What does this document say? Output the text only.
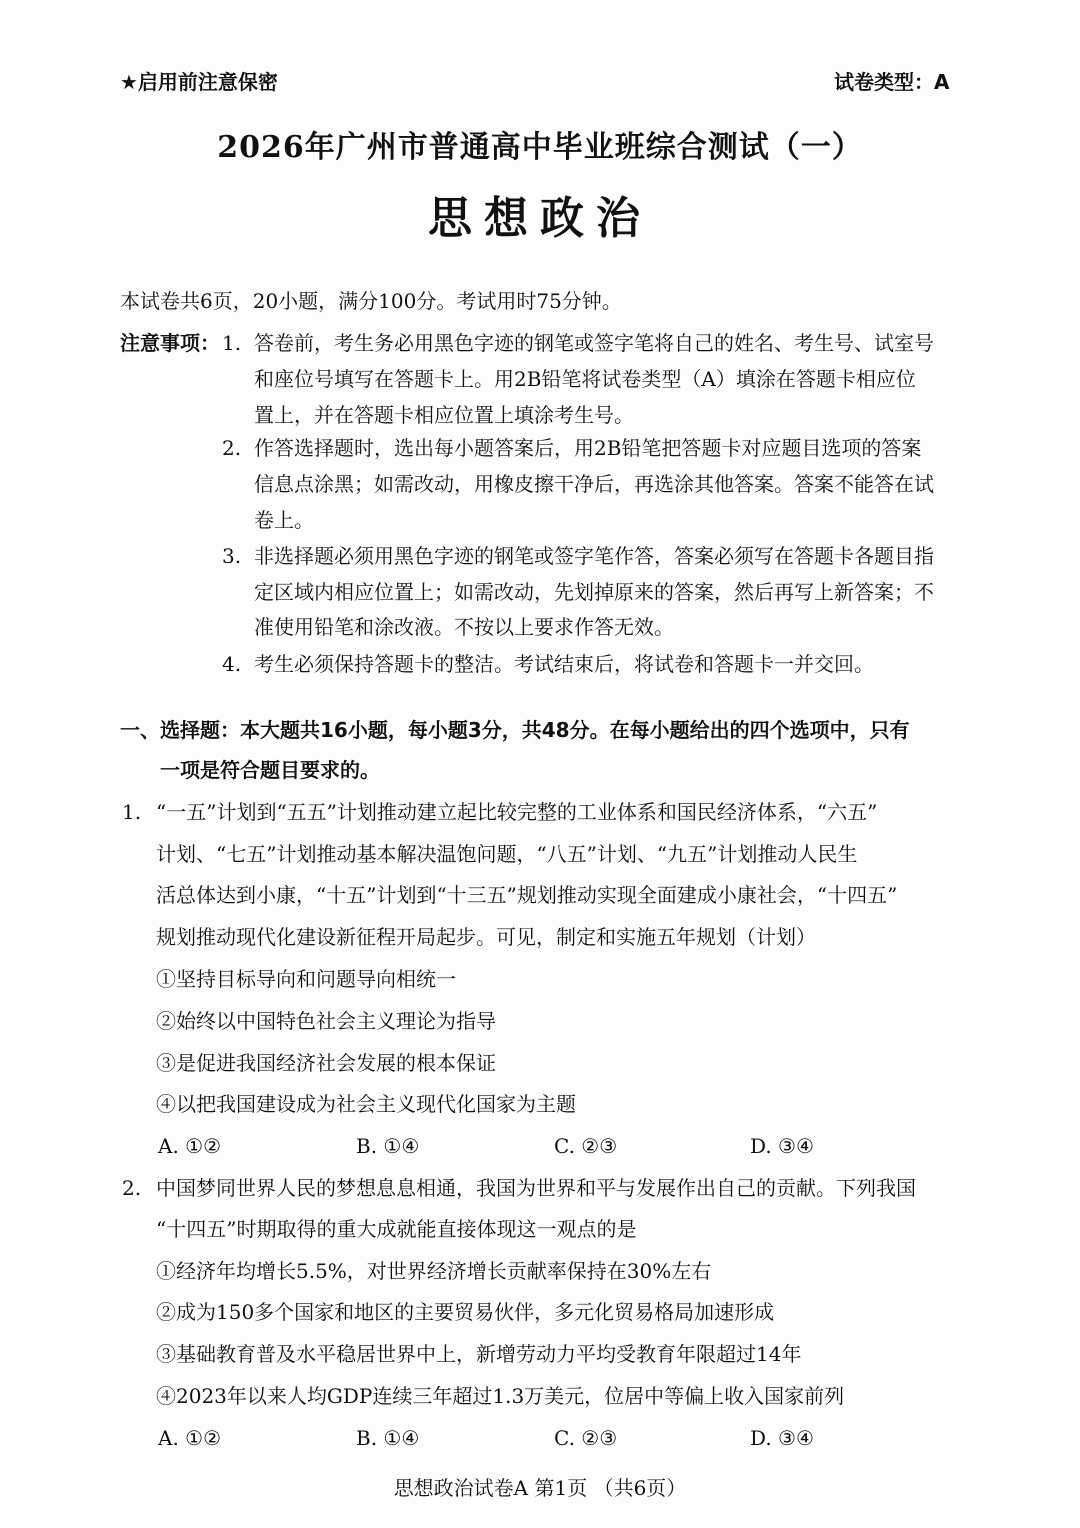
★启用前注意保密	试卷类型：A
2026年广州市普通高中毕业班综合测试（一）
思想政治
本试卷共6页，20小题，满分100分。考试用时75分钟。
注意事项： 1. 答卷前，考生务必用黑色字迹的钢笔或签字笔将自己的姓名、考生号、试室号
和座位号填写在答题卡上。用2B铅笔将试卷类型（A）填涂在答题卡相应位
置上，并在答题卡相应位置上填涂考生号。
2. 作答选择题时，选出每小题答案后，用2B铅笔把答题卡对应题目选项的答案
信息点涂黑；如需改动，用橡皮擦干净后，再选涂其他答案。答案不能答在试
卷上。
3. 非选择题必须用黑色字迹的钢笔或签字笔作答，答案必须写在答题卡各题目指
定区域内相应位置上；如需改动，先划掉原来的答案，然后再写上新答案；不
准使用铅笔和涂改液。不按以上要求作答无效。
4. 考生必须保持答题卡的整洁。考试结束后，将试卷和答题卡一并交回。
一、选择题：本大题共16小题，每小题3分，共48分。在每小题给出的四个选项中，只有
一项是符合题目要求的。
1. “一五”计划到“五五”计划推动建立起比较完整的工业体系和国民经济体系，“六五”
计划、“七五”计划推动基本解决温饱问题，“八五”计划、“九五”计划推动人民生
活总体达到小康，“十五”计划到“十三五”规划推动实现全面建成小康社会，“十四五”
规划推动现代化建设新征程开局起步。可见，制定和实施五年规划（计划）
①坚持目标导向和问题导向相统一
②始终以中国特色社会主义理论为指导
③是促进我国经济社会发展的根本保证
④以把我国建设成为社会主义现代化国家为主题
A. ①②	B. ①④	C. ②③	D. ③④
2. 中国梦同世界人民的梦想息息相通，我国为世界和平与发展作出自己的贡献。下列我国
“十四五”时期取得的重大成就能直接体现这一观点的是
①经济年均增长5.5%，对世界经济增长贡献率保持在30%左右
②成为150多个国家和地区的主要贸易伙伴，多元化贸易格局加速形成
③基础教育普及水平稳居世界中上，新增劳动力平均受教育年限超过14年
④2023年以来人均GDP连续三年超过1.3万美元，位居中等偏上收入国家前列
A. ①②	B. ①④	C. ②③	D. ③④
思想政治试卷A 第1页 （共6页）
